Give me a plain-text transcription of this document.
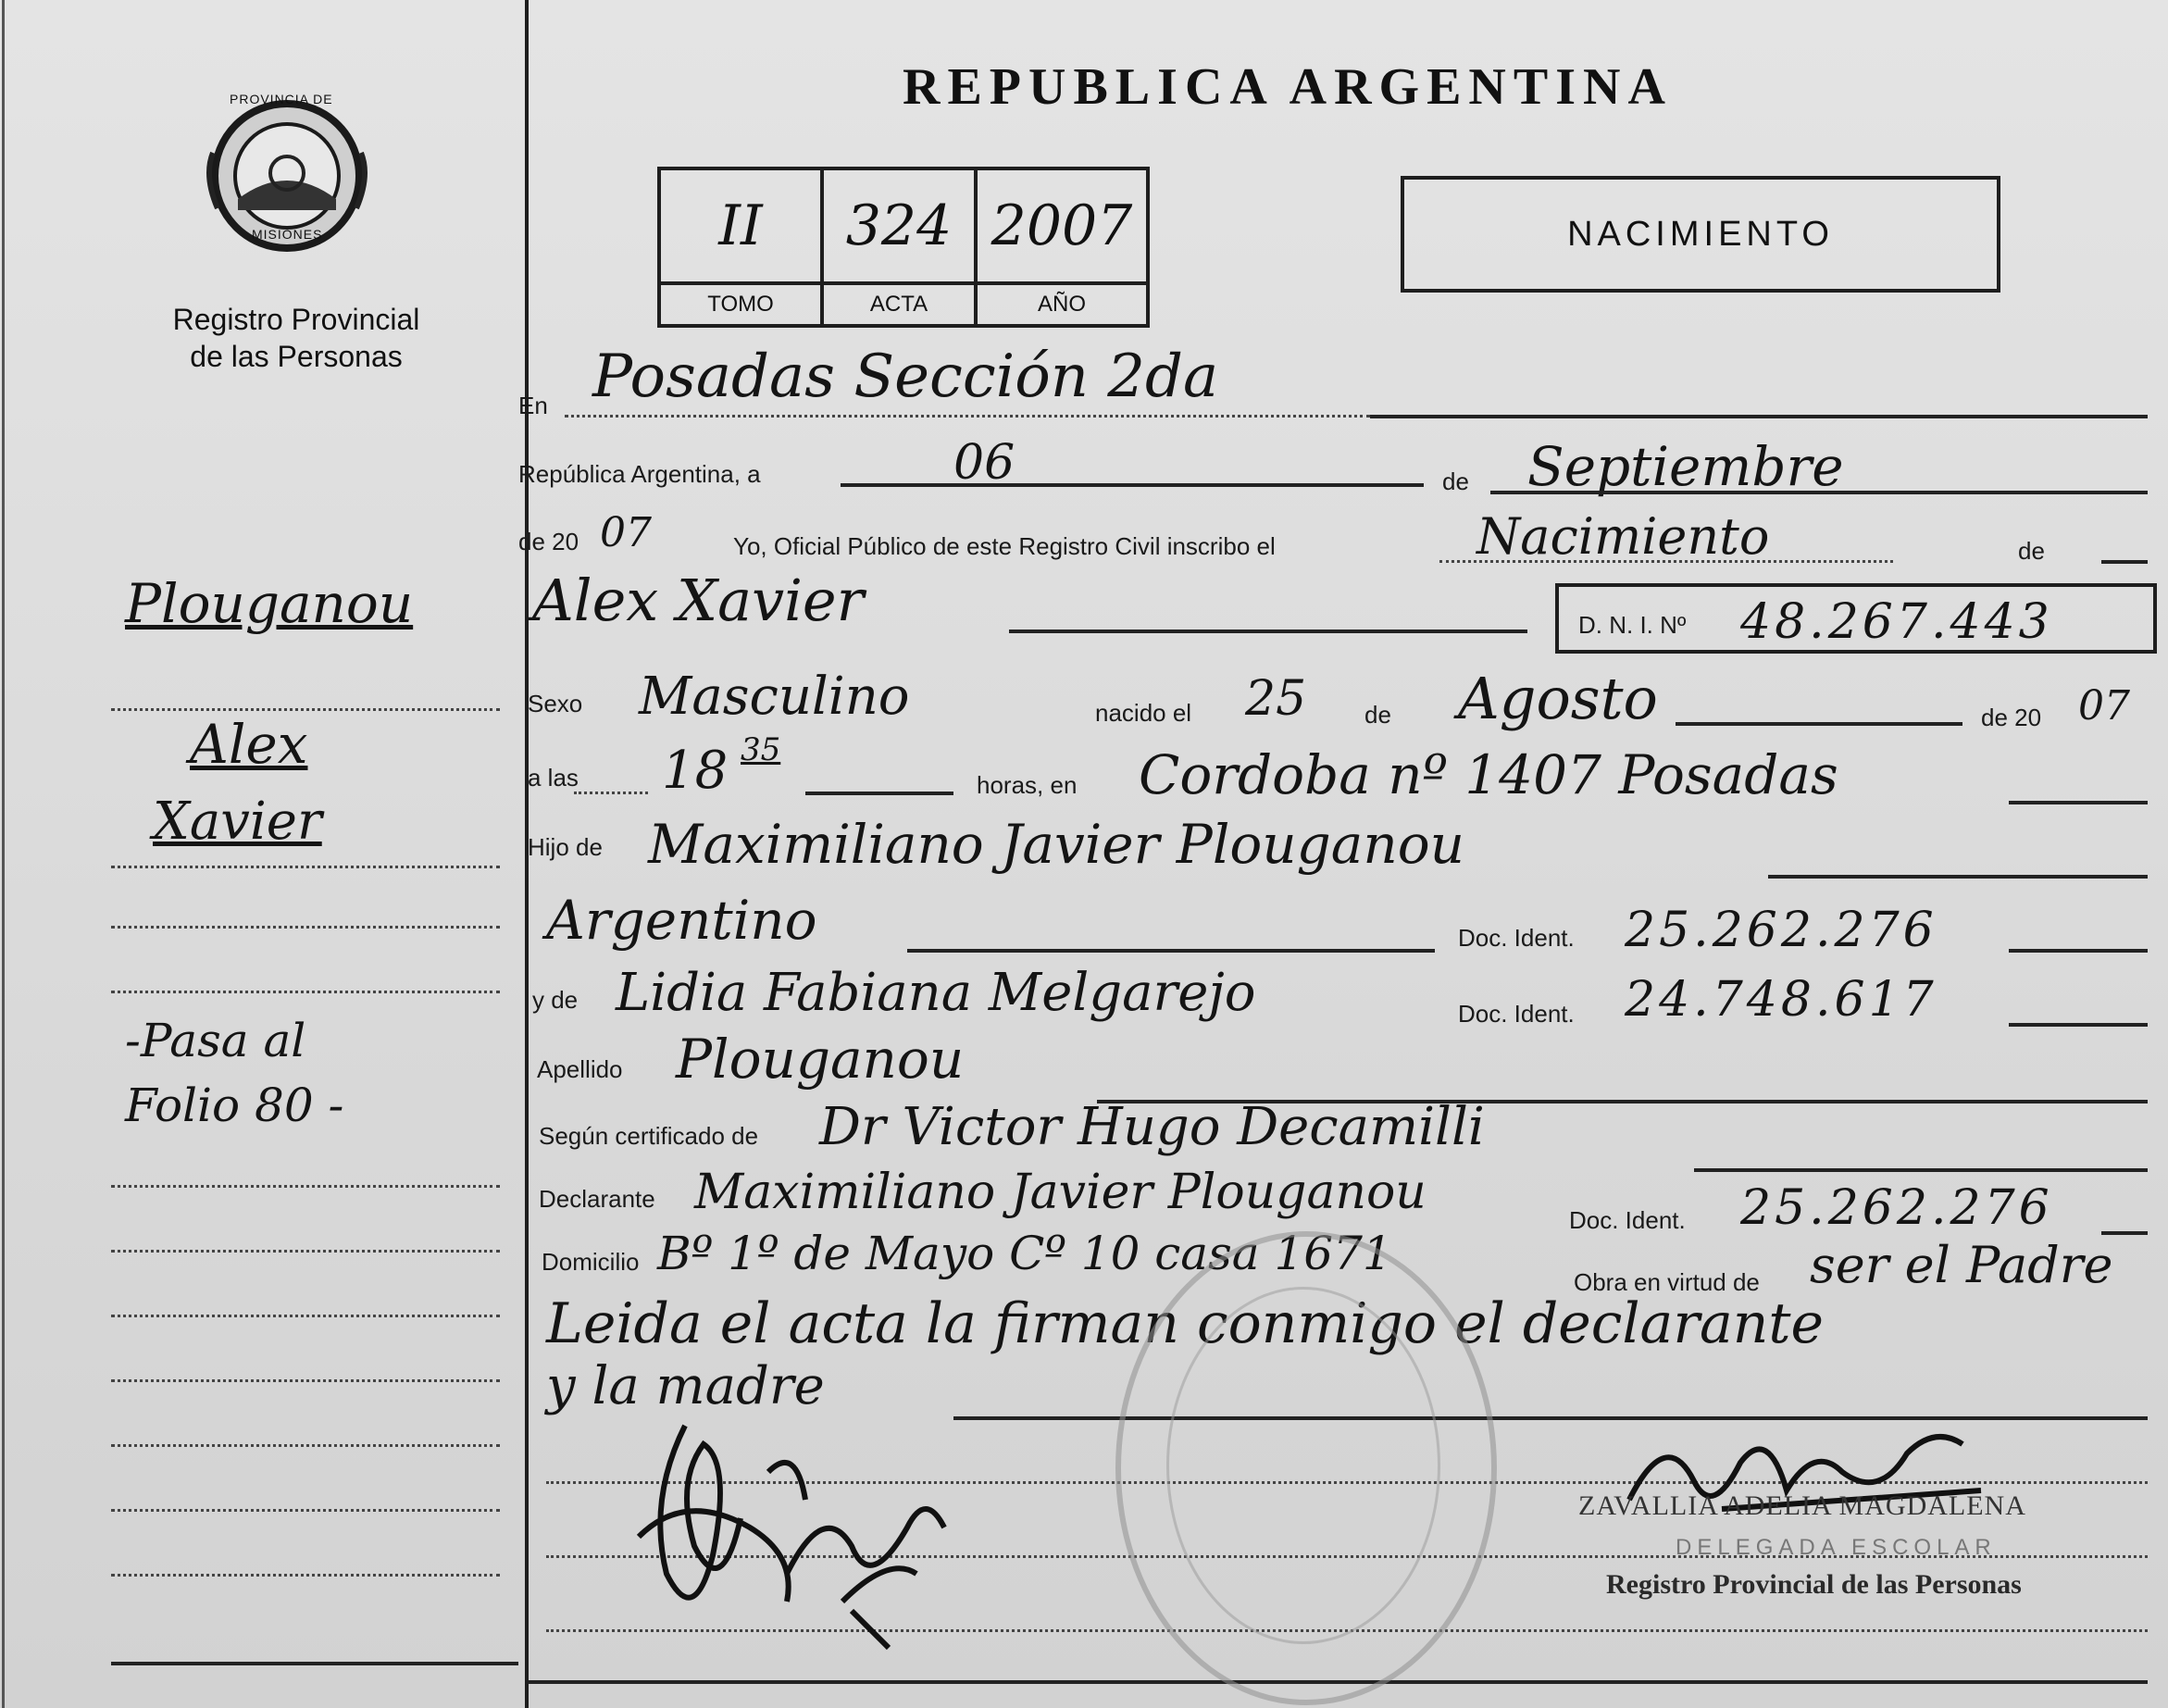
PROVINCIA DE
MISIONES
Registro Provincial
de las Personas
REPUBLICA ARGENTINA
II	324	2007
TOMO	ACTA	AÑO
NACIMIENTO
Plouganou
Alex
Xavier
-Pasa al
Folio 80 -
En Posadas Sección 2da
República Argentina, a	06	de Septiembre
de 20 07	Yo, Oficial Público de este Registro Civil inscribo el	Nacimiento	de
Alex Xavier	D. N. I. Nº 48.267.443
Sexo Masculino	nacido el 25 de Agosto	de 20 07
a las 18 35
horas, en Cordoba nº 1407 Posadas
Hijo de Maximiliano Javier Plouganou
Argentino	Doc. Ident. 25.262.276
y de Lidia Fabiana Melgarejo	Doc. Ident. 24.748.617
Apellido Plouganou
Según certificado de Dr Victor Hugo Decamilli
Declarante Maximiliano Javier Plouganou	Doc. Ident. 25.262.276
Domicilio Bº 1º de Mayo Cº 10 casa 1671
Obra en virtud de ser el Padre
Leida el acta la firman conmigo el declarante
y la madre
ZAVALLIA ADELIA MAGDALENA
DELEGADA ESCOLAR
Registro Provincial de las Personas
